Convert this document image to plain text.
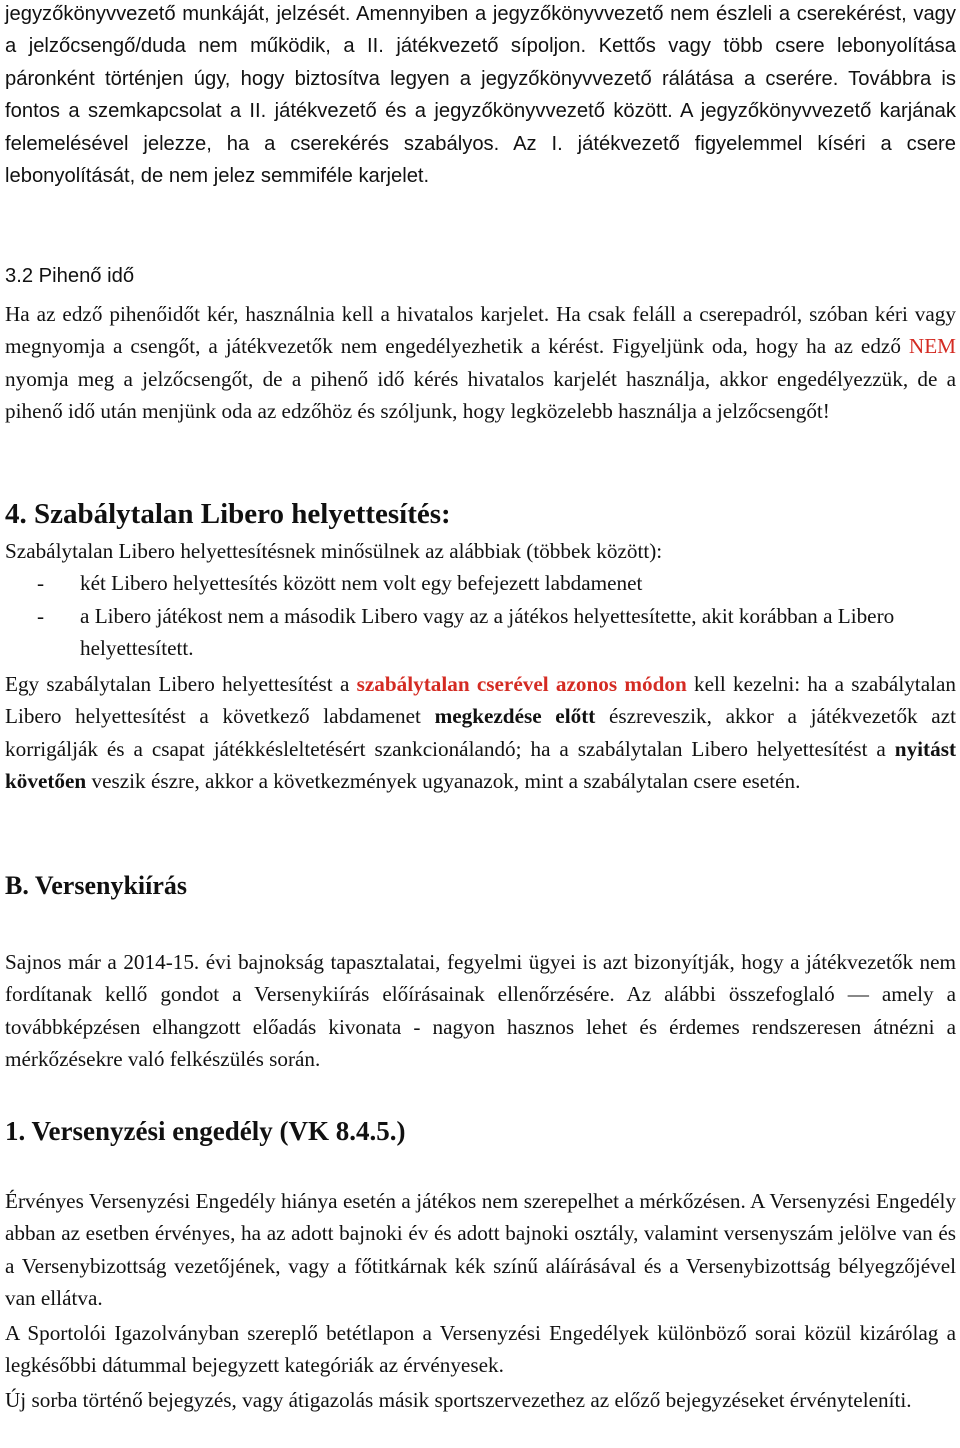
jegyzőkönyvvezető munkáját, jelzését. Amennyiben a jegyzőkönyvvezető nem észleli a cserekérést, vagy a jelzőcsengő/duda nem működik, a II. játékvezető sípoljon. Kettős vagy több csere lebonyolítása páronként történjen úgy, hogy biztosítva legyen a jegyzőkönyvvezető rálátása a cserére. Továbbra is fontos a szemkapcsolat a II. játékvezető és a jegyzőkönyvvezető között. A jegyzőkönyvvezető karjának felemelésével jelezze, ha a cserekérés szabályos. Az I. játékvezető figyelemmel kíséri a csere lebonyolítását, de nem jelez semmiféle karjelet.

3.2 Pihenő idő

Ha az edző pihenőidőt kér, használnia kell a hivatalos karjelet. Ha csak feláll a cserepadról, szóban kéri vagy megnyomja a csengőt, a játékvezetők nem engedélyezhetik a kérést. Figyeljünk oda, hogy ha az edző NEM nyomja meg a jelzőcsengőt, de a pihenő idő kérés hivatalos karjelét használja, akkor engedélyezzük, de a pihenő idő után menjünk oda az edzőhöz és szóljunk, hogy legközelebb használja a jelzőcsengőt!

4. Szabálytalan Libero helyettesítés:

Szabálytalan Libero helyettesítésnek minősülnek az alábbiak (többek között):

- két Libero helyettesítés között nem volt egy befejezett labdamenet
- a Libero játékost nem a második Libero vagy az a játékos helyettesítette, akit korábban a Libero helyettesített.

Egy szabálytalan Libero helyettesítést a szabálytalan cserével azonos módon kell kezelni: ha a szabálytalan Libero helyettesítést a következő labdamenet megkezdése előtt észreveszik, akkor a játékvezetők azt korrigálják és a csapat játékkésleltetésért szankcionálandó; ha a szabálytalan Libero helyettesítést a nyitást követően veszik észre, akkor a következmények ugyanazok, mint a szabálytalan csere esetén.

B. Versenykiírás

Sajnos már a 2014-15. évi bajnokság tapasztalatai, fegyelmi ügyei is azt bizonyítják, hogy a játékvezetők nem fordítanak kellő gondot a Versenykiírás előírásainak ellenőrzésére. Az alábbi összefoglaló — amely a továbbképzésen elhangzott előadás kivonata - nagyon hasznos lehet és érdemes rendszeresen átnézni a mérkőzésekre való felkészülés során.

1. Versenyzési engedély (VK 8.4.5.)

Érvényes Versenyzési Engedély hiánya esetén a játékos nem szerepelhet a mérkőzésen. A Versenyzési Engedély abban az esetben érvényes, ha az adott bajnoki év és adott bajnoki osztály, valamint versenyszám jelölve van és a Versenybizottság vezetőjének, vagy a főtitkárnak kék színű aláírásával és a Versenybizottság bélyegzőjével van ellátva.

A Sportolói Igazolványban szereplő betétlapon a Versenyzési Engedélyek különböző sorai közül kizárólag a legkésőbbi dátummal bejegyzett kategóriák az érvényesek.

Új sorba történő bejegyzés, vagy átigazolás másik sportszervezethez az előző bejegyzéseket érvényteleníti.
